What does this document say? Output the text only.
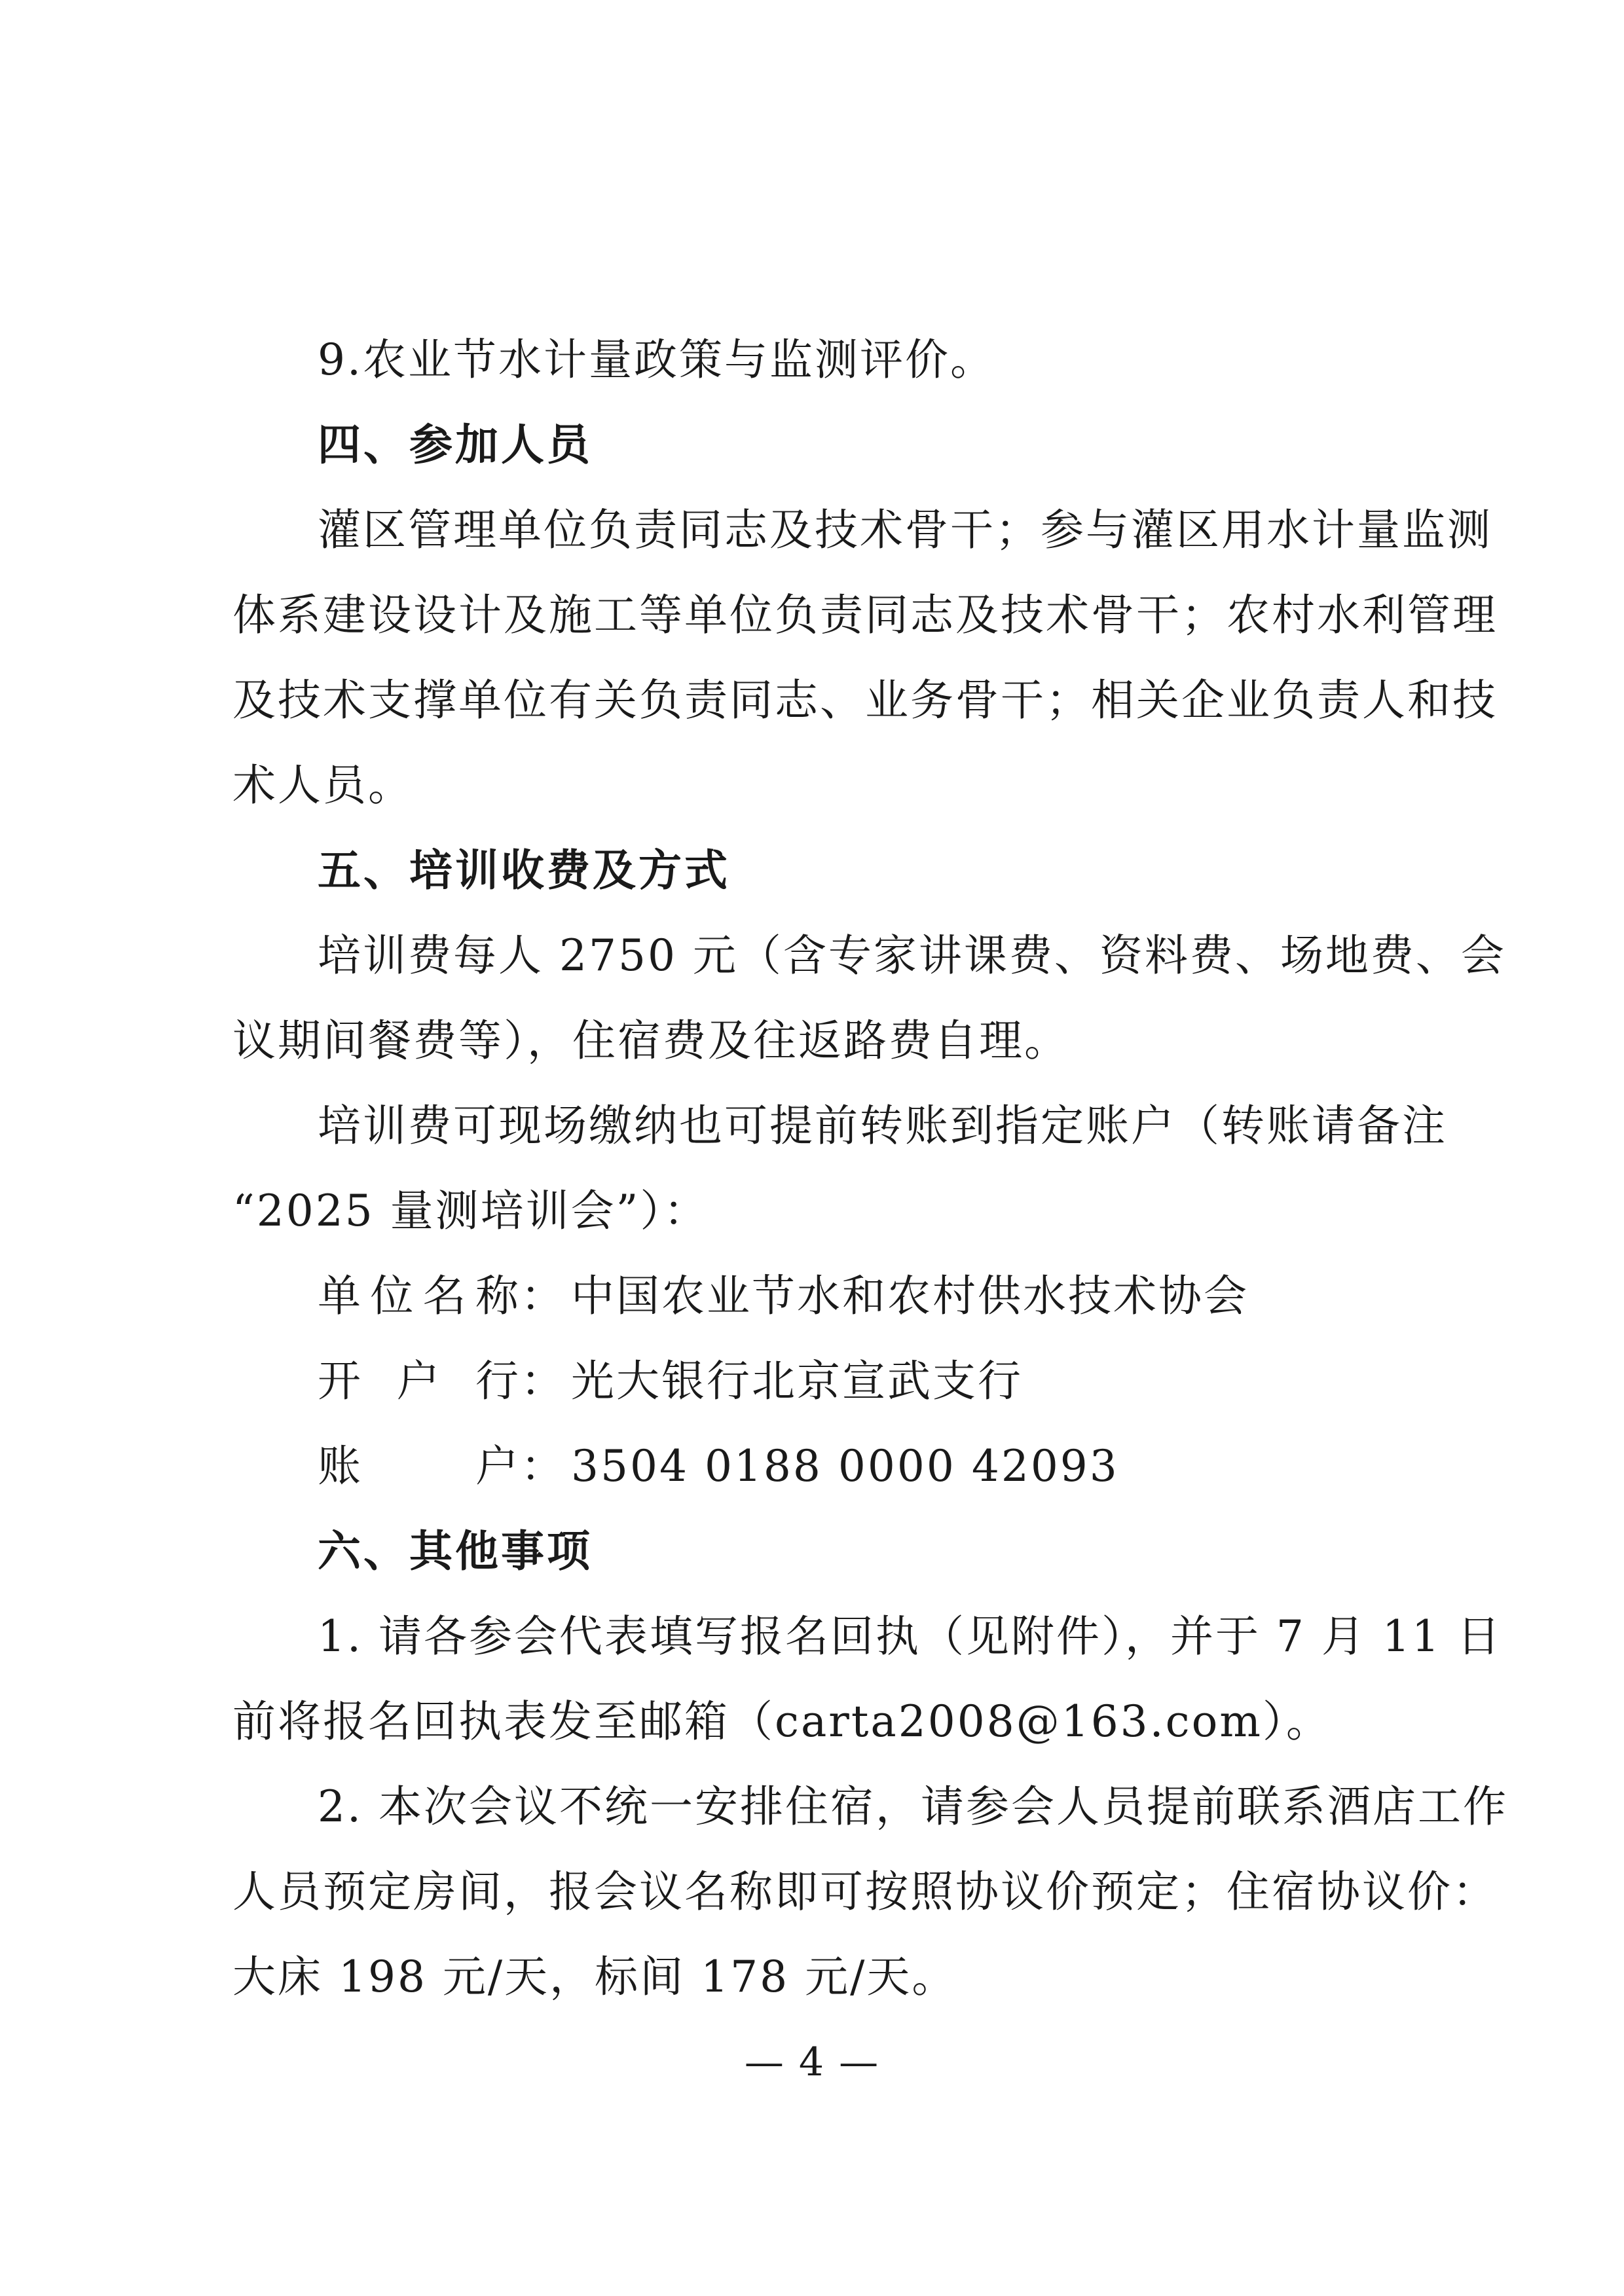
9.农业节水计量政策与监测评价。
四、参加人员
灌区管理单位负责同志及技术骨干；参与灌区用水计量监测
体系建设设计及施工等单位负责同志及技术骨干；农村水利管理
及技术支撑单位有关负责同志、业务骨干；相关企业负责人和技
术人员。
五、培训收费及方式
培训费每人 2750 元（含专家讲课费、资料费、场地费、会
议期间餐费等），住宿费及往返路费自理。
培训费可现场缴纳也可提前转账到指定账户（转账请备注
“2025 量测培训会”）：
单位名称： 中国农业节水和农村供水技术协会
开户行： 光大银行北京宣武支行
账户： 3504 0188 0000 42093
六、其他事项
1. 请各参会代表填写报名回执（见附件），并于 7 月 11 日
前将报名回执表发至邮箱（carta2008@163.com）。
2. 本次会议不统一安排住宿，请参会人员提前联系酒店工作
人员预定房间，报会议名称即可按照协议价预定；住宿协议价：
大床 198 元/天，标间 178 元/天。
— 4 —
